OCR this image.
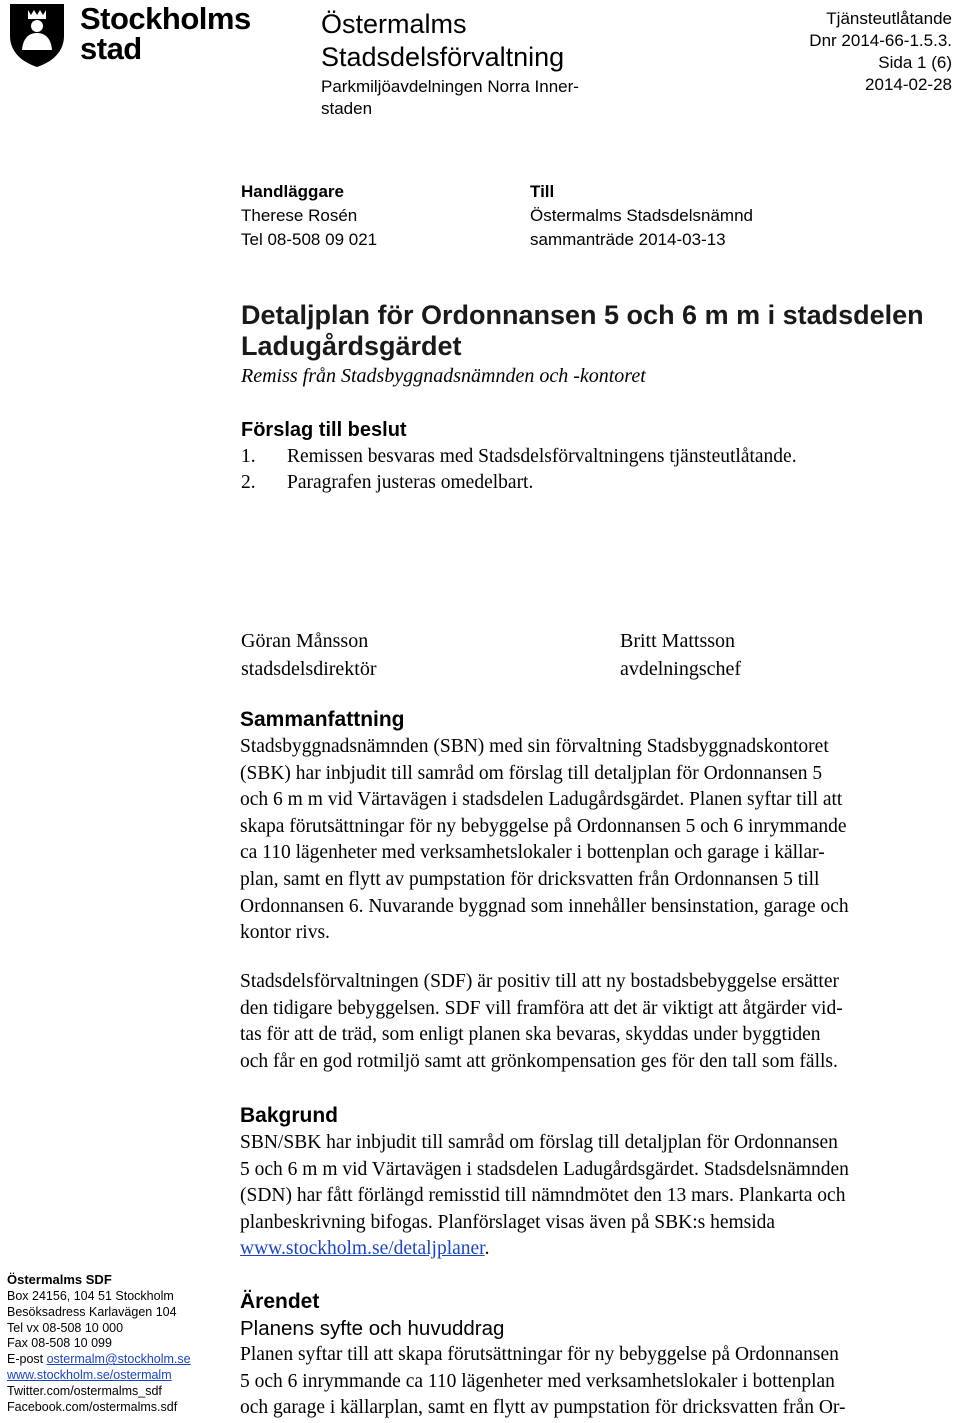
Stockholms
stad
Östermalms
Stadsdelsförvaltning
Parkmiljöavdelningen Norra Inner-
staden
Tjänsteutlåtande
Dnr 2014-66-1.5.3.
Sida 1 (6)
2014-02-28
Handläggare
Therese Rosén
Tel 08-508 09 021
Till
Östermalms Stadsdelsnämnd
sammanträde 2014-03-13
Detaljplan för Ordonnansen 5 och 6 m m i stadsdelen
Ladugårdsgärdet
Remiss från Stadsbyggnadsnämnden och -kontoret
Förslag till beslut
1. Remissen besvaras med Stadsdelsförvaltningens tjänsteutlåtande.
2. Paragrafen justeras omedelbart.
Göran Månsson
stadsdelsdirektör
Britt Mattsson
avdelningschef
Sammanfattning

Stadsbyggnadsnämnden (SBN) med sin förvaltning Stadsbyggnadskontoret
(SBK) har inbjudit till samråd om förslag till detaljplan för Ordonnansen 5
och 6 m m vid Värtavägen i stadsdelen Ladugårdsgärdet. Planen syftar till att
skapa förutsättningar för ny bebyggelse på Ordonnansen 5 och 6 inrymmande
ca 110 lägenheter med verksamhetslokaler i bottenplan och garage i källar-
plan, samt en flytt av pumpstation för dricksvatten från Ordonnansen 5 till
Ordonnansen 6. Nuvarande byggnad som innehåller bensinstation, garage och
kontor rivs.

Stadsdelsförvaltningen (SDF) är positiv till att ny bostadsbebyggelse ersätter
den tidigare bebyggelsen. SDF vill framföra att det är viktigt att åtgärder vid-
tas för att de träd, som enligt planen ska bevaras, skyddas under byggtiden
och får en god rotmiljö samt att grönkompensation ges för den tall som fälls.

Bakgrund

SBN/SBK har inbjudit till samråd om förslag till detaljplan för Ordonnansen
5 och 6 m m vid Värtavägen i stadsdelen Ladugårdsgärdet. Stadsdelsnämnden
(SDN) har fått förlängd remisstid till nämndmötet den 13 mars. Plankarta och
planbeskrivning bifogas. Planförslaget visas även på SBK:s hemsida
www.stockholm.se/detaljplaner.

Ärendet
Planens syfte och huvuddrag

Planen syftar till att skapa förutsättningar för ny bebyggelse på Ordonnansen
5 och 6 inrymmande ca 110 lägenheter med verksamhetslokaler i bottenplan
och garage i källarplan, samt en flytt av pumpstation för dricksvatten från Or-

Östermalms SDF
Box 24156, 104 51 Stockholm
Besöksadress Karlavägen 104
Tel vx 08-508 10 000
Fax 08-508 10 099
E-post ostermalm@stockholm.se
www.stockholm.se/ostermalm
Twitter.com/ostermalms_sdf
Facebook.com/ostermalms.sdf
